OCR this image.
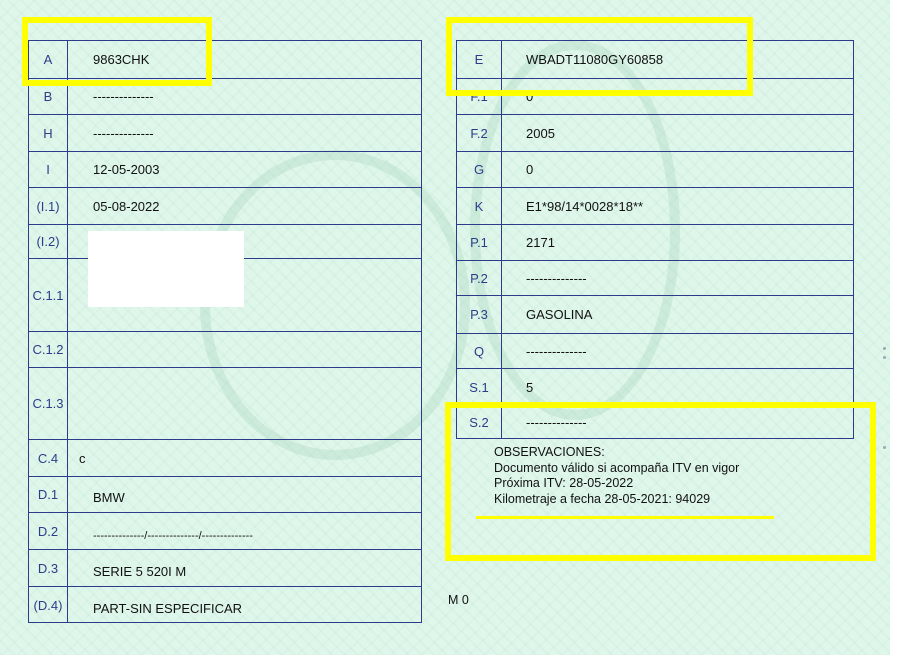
A	9863CHK
B	--------------
H	--------------
I	12-05-2003
(I.1)	05-08-2022
(I.2)
C.1.1
C.1.2
C.1.3
C.4	c
D.1	BMW
D.2	--------------/--------------/--------------
D.3	SERIE 5 520I M
(D.4)	PART-SIN ESPECIFICAR
E	WBADT11080GY60858
F.1	0
F.2	2005
G	0
K	E1*98/14*0028*18**
P.1	2171
P.2	--------------
P.3	GASOLINA
Q	--------------
S.1	5
S.2	--------------
OBSERVACIONES:
Documento válido si acompaña ITV en vigor
Próxima ITV: 28-05-2022
Kilometraje a fecha 28-05-2021: 94029
M 0
